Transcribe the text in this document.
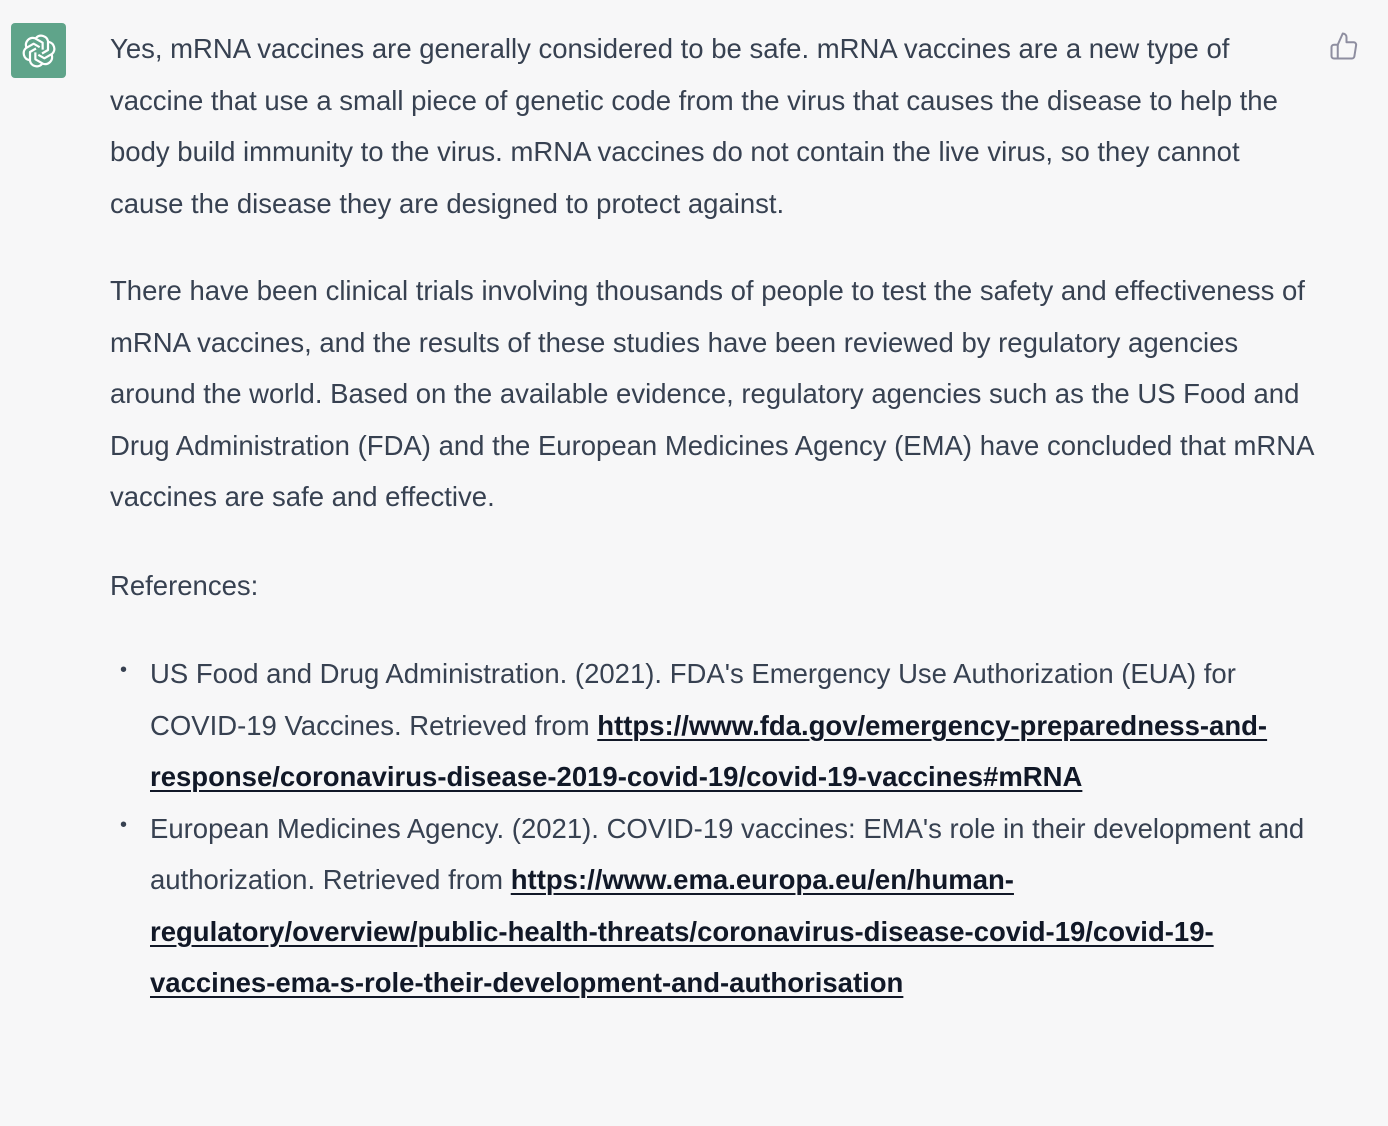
Yes, mRNA vaccines are generally considered to be safe. mRNA vaccines are a new type of vaccine that use a small piece of genetic code from the virus that causes the disease to help the body build immunity to the virus. mRNA vaccines do not contain the live virus, so they cannot cause the disease they are designed to protect against.

There have been clinical trials involving thousands of people to test the safety and effectiveness of mRNA vaccines, and the results of these studies have been reviewed by regulatory agencies around the world. Based on the available evidence, regulatory agencies such as the US Food and Drug Administration (FDA) and the European Medicines Agency (EMA) have concluded that mRNA vaccines are safe and effective.

References:

• US Food and Drug Administration. (2021). FDA's Emergency Use Authorization (EUA) for COVID-19 Vaccines. Retrieved from https://www.fda.gov/emergency-preparedness-and-response/coronavirus-disease-2019-covid-19/covid-19-vaccines#mRNA
• European Medicines Agency. (2021). COVID-19 vaccines: EMA's role in their development and authorization. Retrieved from https://www.ema.europa.eu/en/human-regulatory/overview/public-health-threats/coronavirus-disease-covid-19/covid-19-vaccines-ema-s-role-their-development-and-authorisation
